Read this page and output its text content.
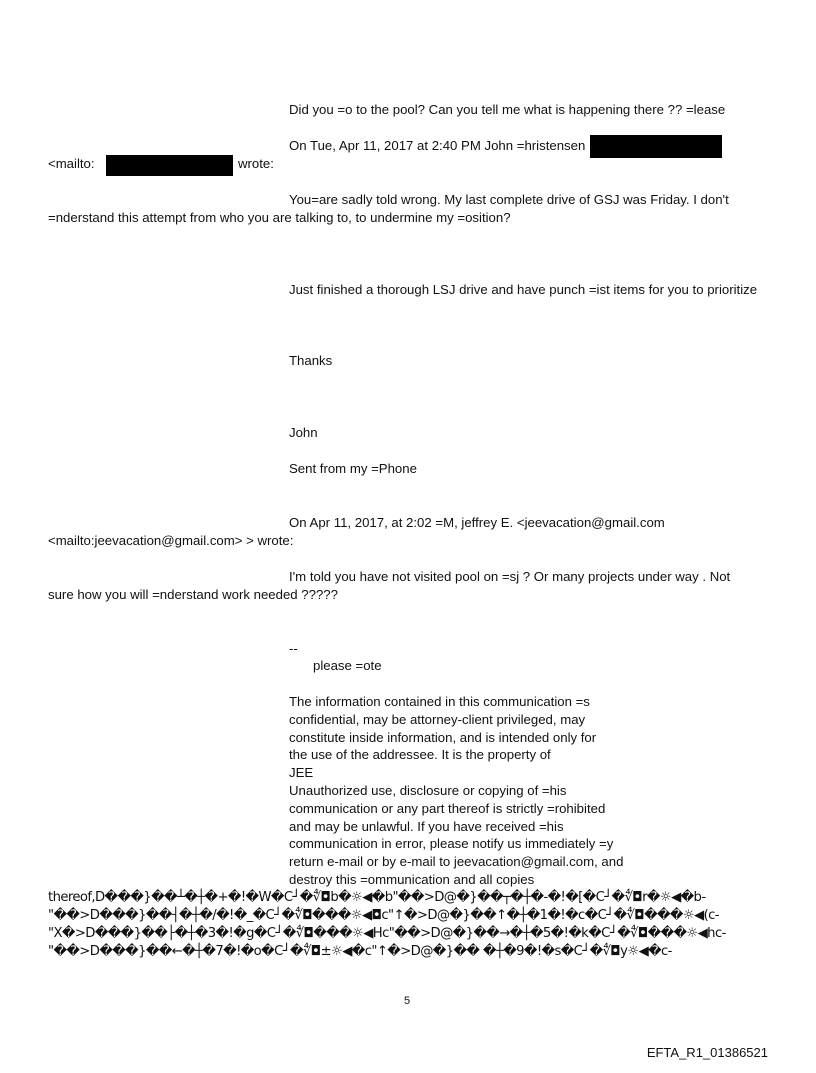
Did you =o to the pool? Can you tell me what is happening there ?? =lease
On Tue, Apr 11, 2017 at 2:40 PM John =hristensen
<mailto:	wrote:
You=are sadly told wrong. My last complete drive of GSJ was Friday. I don't
=nderstand this attempt from who you are talking to, to undermine my =osition?
Just finished a thorough LSJ drive and have punch =ist items for you to prioritize
Thanks
John
Sent from my =Phone
On Apr 11, 2017, at 2:02 =M, jeffrey E. <jeevacation@gmail.com
<mailto:jeevacation@gmail.com> > wrote:
I'm told you have not visited pool on =sj ? Or many projects under way . Not
sure how you will =nderstand work needed ?????
--
please =ote
The information contained in this communication =s
confidential, may be attorney-client privileged, may
constitute inside information, and is intended only for
the use of the addressee. It is the property of
JEE
Unauthorized use, disclosure or copying of =his
communication or any part thereof is strictly =rohibited
and may be unlawful. If you have received =his
communication in error, please notify us immediately =y
return e-mail or by e-mail to jeevacation@gmail.com, and
destroy this =ommunication and all copies
thereof,D���}��┴�┼�+�!�W�C┘�∜◘b�☼◀�b"��>D@�}��┬�┼�-�!�[�C┘�∜◘r�☼◀�b-
"��>D���}��┤�┼�/�!�_�C┘�∜◘���☼◀◘c"↑�>D@�}��↑�┼�1�!�c�C┘�∜◘���☼◀(c-
"X�>D���}��├�┼�3�!�g�C┘�∜◘���☼◀Hc"��>D@�}��→�┼�5�!�k�C┘�∜◘���☼◀hc-
"��>D���}��←�┼�7�!�o�C┘�∜◘±☼◀�c"↑�>D@�}�� �┼�9�!�s�C┘�∜◘y☼◀�c-
5
EFTA_R1_01386521
